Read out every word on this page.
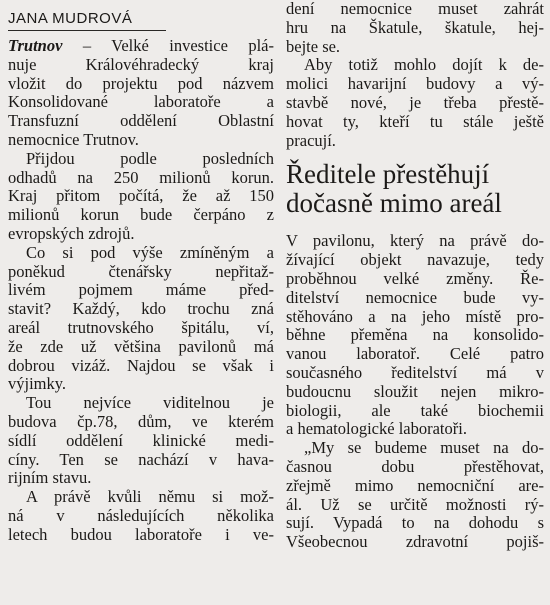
JANA MUDROVÁ
Trutnov – Velké investice plá-
nuje Královéhradecký kraj
vložit do projektu pod názvem
Konsolidované laboratoře a
Transfuzní oddělení Oblastní
nemocnice Trutnov.
Přijdou podle posledních
odhadů na 250 milionů korun.
Kraj přitom počítá, že až 150
milionů korun bude čerpáno z
evropských zdrojů.
Co si pod výše zmíněným a
poněkud čtenářsky nepřitaž-
livém pojmem máme před-
stavit? Každý, kdo trochu zná
areál trutnovského špitálu, ví,
že zde už většina pavilonů má
dobrou vizáž. Najdou se však i
výjimky.
Tou nejvíce viditelnou je
budova čp.78, dům, ve kterém
sídlí oddělení klinické medi-
cíny. Ten se nachází v hava-
rijním stavu.
A právě kvůli němu si mož-
ná v následujících několika
letech budou laboratoře i ve-
dení nemocnice muset zahrát
hru na Škatule, škatule, hej-
bejte se.
Aby totiž mohlo dojít k de-
molici havarijní budovy a vý-
stavbě nové, je třeba přestě-
hovat ty, kteří tu stále ještě
pracují.
Ředitele přestěhují
dočasně mimo areál
V pavilonu, který na právě do-
žívající objekt navazuje, tedy
proběhnou velké změny. Ře-
ditelství nemocnice bude vy-
stěhováno a na jeho místě pro-
běhne přeměna na konsolido-
vanou laboratoř. Celé patro
současného ředitelství má v
budoucnu sloužit nejen mikro-
biologii, ale také biochemii
a hematologické laboratoři.
„My se budeme muset na do-
časnou dobu přestěhovat,
zřejmě mimo nemocniční are-
ál. Už se určitě možnosti rý-
sují. Vypadá to na dohodu s
Všeobecnou zdravotní pojiš-
